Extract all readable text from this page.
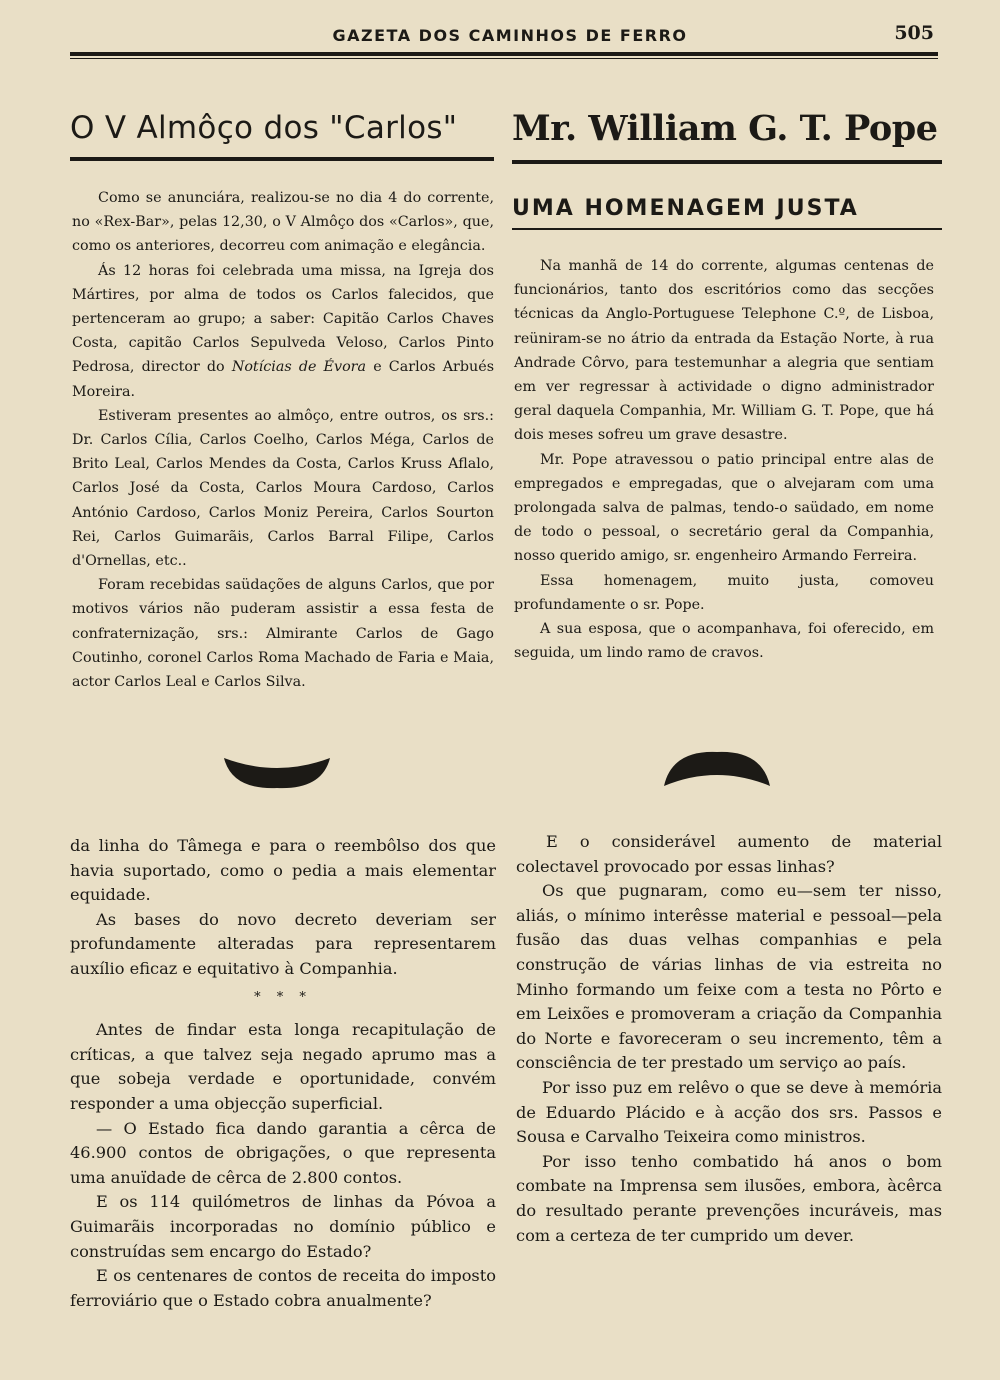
GAZETA DOS CAMINHOS DE FERRO	505
O V Almôço dos "Carlos"

Como se anunciára, realizou-se no dia 4 do corrente, no «Rex-Bar», pelas 12,30, o V Almôço dos «Carlos», que, como os anteriores, decorreu com animação e elegância.

Ás 12 horas foi celebrada uma missa, na Igreja dos Mártires, por alma de todos os Carlos falecidos, que pertenceram ao grupo; a saber: Capitão Carlos Chaves Costa, capitão Carlos Sepulveda Veloso, Carlos Pinto Pedrosa, director do Notícias de Évora e Carlos Arbués Moreira.

Estiveram presentes ao almôço, entre outros, os srs.: Dr. Carlos Cília, Carlos Coelho, Carlos Méga, Carlos de Brito Leal, Carlos Mendes da Costa, Carlos Kruss Aflalo, Carlos José da Costa, Carlos Moura Cardoso, Carlos António Cardoso, Carlos Moniz Pereira, Carlos Sourton Rei, Carlos Guimarãis, Carlos Barral Filipe, Carlos d'Ornellas, etc..

Foram recebidas saüdações de alguns Carlos, que por motivos vários não puderam assistir a essa festa de confraternização, srs.: Almirante Carlos de Gago Coutinho, coronel Carlos Roma Machado de Faria e Maia, actor Carlos Leal e Carlos Silva.

Mr. William G. T. Pope
UMA HOMENAGEM JUSTA

Na manhã de 14 do corrente, algumas centenas de funcionários, tanto dos escritórios como das secções técnicas da Anglo-Portuguese Telephone C.º, de Lisboa, reüniram-se no átrio da entrada da Estação Norte, à rua Andrade Côrvo, para testemunhar a alegria que sentiam em ver regressar à actividade o digno administrador geral daquela Companhia, Mr. William G. T. Pope, que há dois meses sofreu um grave desastre.

Mr. Pope atravessou o patio principal entre alas de empregados e empregadas, que o alvejaram com uma prolongada salva de palmas, tendo-o saüdado, em nome de todo o pessoal, o secretário geral da Companhia, nosso querido amigo, sr. engenheiro Armando Ferreira.

Essa homenagem, muito justa, comoveu profundamente o sr. Pope.

A sua esposa, que o acompanhava, foi oferecido, em seguida, um lindo ramo de cravos.

da linha do Tâmega e para o reembôlso dos que havia suportado, como o pedia a mais elementar equidade.

As bases do novo decreto deveriam ser profundamente alteradas para representarem auxílio eficaz e equitativo à Companhia.

* * *

Antes de findar esta longa recapitulação de críticas, a que talvez seja negado aprumo mas a que sobeja verdade e oportunidade, convém responder a uma objecção superficial.

— O Estado fica dando garantia a cêrca de 46.900 contos de obrigações, o que representa uma anuïdade de cêrca de 2.800 contos.

E os 114 quilómetros de linhas da Póvoa a Guimarãis incorporadas no domínio público e construídas sem encargo do Estado?

E os centenares de contos de receita do imposto ferroviário que o Estado cobra anualmente?

E o considerável aumento de material colectavel provocado por essas linhas?

Os que pugnaram, como eu—sem ter nisso, aliás, o mínimo interêsse material e pessoal—pela fusão das duas velhas companhias e pela construção de várias linhas de via estreita no Minho formando um feixe com a testa no Pôrto e em Leixões e promoveram a criação da Companhia do Norte e favoreceram o seu incremento, têm a consciência de ter prestado um serviço ao país.

Por isso puz em relêvo o que se deve à memória de Eduardo Plácido e à acção dos srs. Passos e Sousa e Carvalho Teixeira como ministros.

Por isso tenho combatido há anos o bom combate na Imprensa sem ilusões, embora, àcêrca do resultado perante prevenções incuráveis, mas com a certeza de ter cumprido um dever.
